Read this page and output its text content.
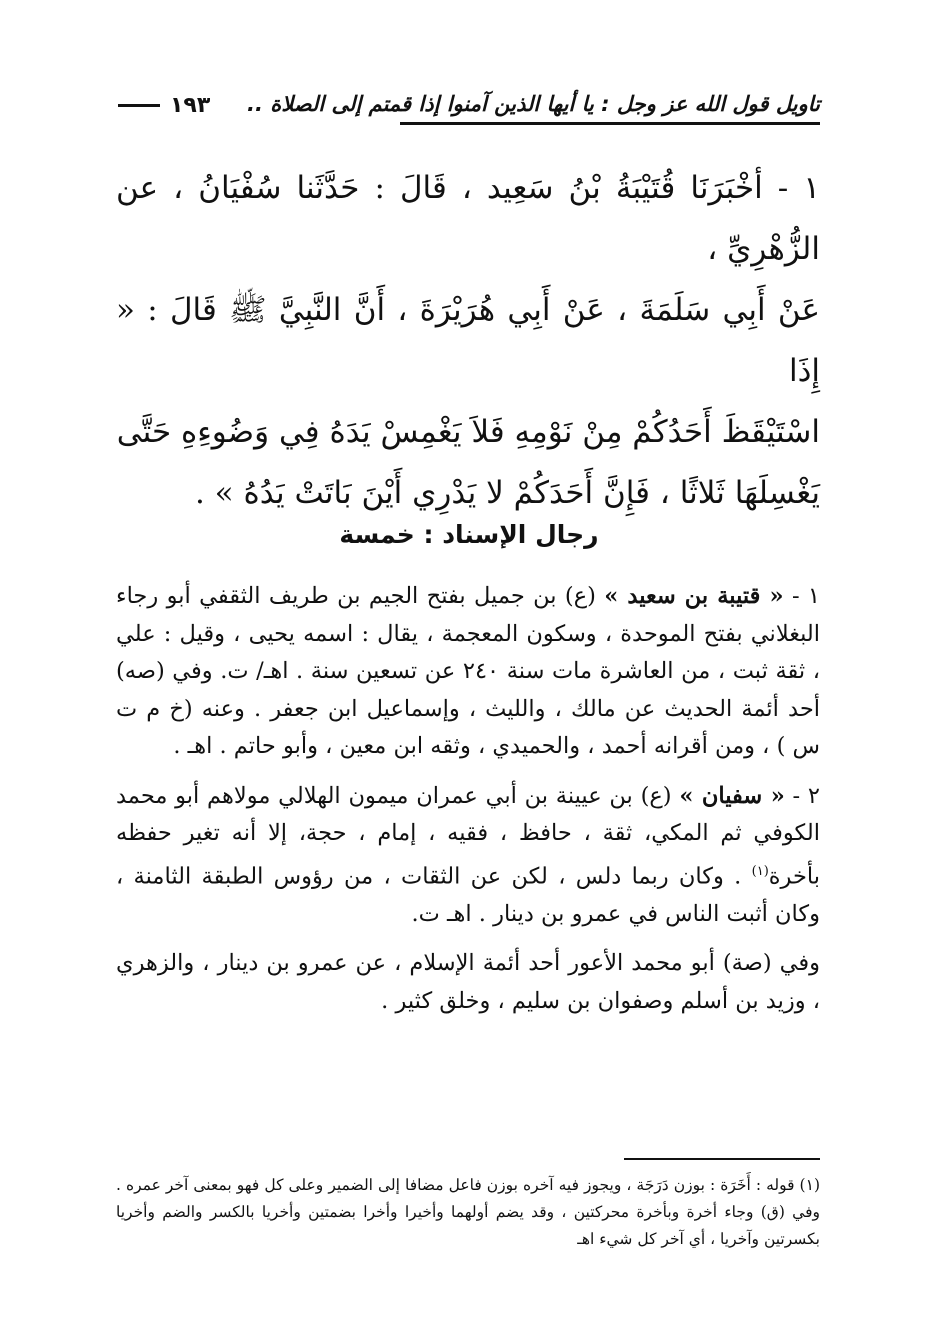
تاويل قول الله عز وجل : يا أيها الذين آمنوا إذا قمتم إلى الصلاة ..
١٩٣

١ - أخْبَرَنَا قُتَيْبَةُ بْنُ سَعِيد ، قَالَ : حَدَّثَنا سُفْيَانُ ، عن الزُّهْرِيِّ ،

عَنْ أَبِي سَلَمَةَ ، عَنْ أَبِي هُرَيْرَةَ ، أَنَّ النَّبِيَّ ﷺ قَالَ : « إِذَا

اسْتَيْقَظَ أَحَدُكُمْ مِنْ نَوْمِهِ فَلاَ يَغْمِسْ يَدَهُ فِي وَضُوءِهِ حَتَّى

يَغْسِلَهَا ثَلاثًا ، فَإِنَّ أَحَدَكُمْ لا يَدْرِي أَيْنَ بَاتَتْ يَدُهُ » .

رجال الإسناد : خمسة

١ - « قتيبة بن سعيد » (ع) بن جميل بفتح الجيم بن طريف الثقفي أبو رجاء البغلاني بفتح الموحدة ، وسكون المعجمة ، يقال : اسمه يحيى ، وقيل : علي ، ثقة ثبت ، من العاشرة مات سنة ٢٤٠ عن تسعين سنة . اهـ/ ت. وفي (صه) أحد أئمة الحديث عن مالك ، والليث ، وإسماعيل ابن جعفر . وعنه (خ م ت س ) ، ومن أقرانه أحمد ، والحميدي ، وثقه ابن معين ، وأبو حاتم . اهـ .

٢ - « سفيان » (ع) بن عيينة بن أبي عمران ميمون الهلالي مولاهم أبو محمد الكوفي ثم المكي، ثقة ، حافظ ، فقيه ، إمام ، حجة، إلا أنه تغير حفظه بأخرة$^{(١)}$ . وكان ربما دلس ، لكن عن الثقات ، من رؤوس الطبقة الثامنة ، وكان أثبت الناس في عمرو بن دينار . اهـ ت.

وفي (صة) أبو محمد الأعور أحد أئمة الإسلام ، عن عمرو بن دينار ، والزهري ، وزيد بن أسلم وصفوان بن سليم ، وخلق كثير .

(١) قوله : أَخَرَة : بوزن دَرَجَة ، ويجوز فيه آخره بوزن فاعل مضافا إلى الضمير وعلى كل فهو بمعنى آخر عمره . وفي (ق) وجاء أخرة وبأخرة محركتين ، وقد يضم أولهما وأخيرا وأخرا بضمتين وأخريا بالكسر والضم وأخريا بكسرتين وآخريا ، أي آخر كل شيء اهـ
